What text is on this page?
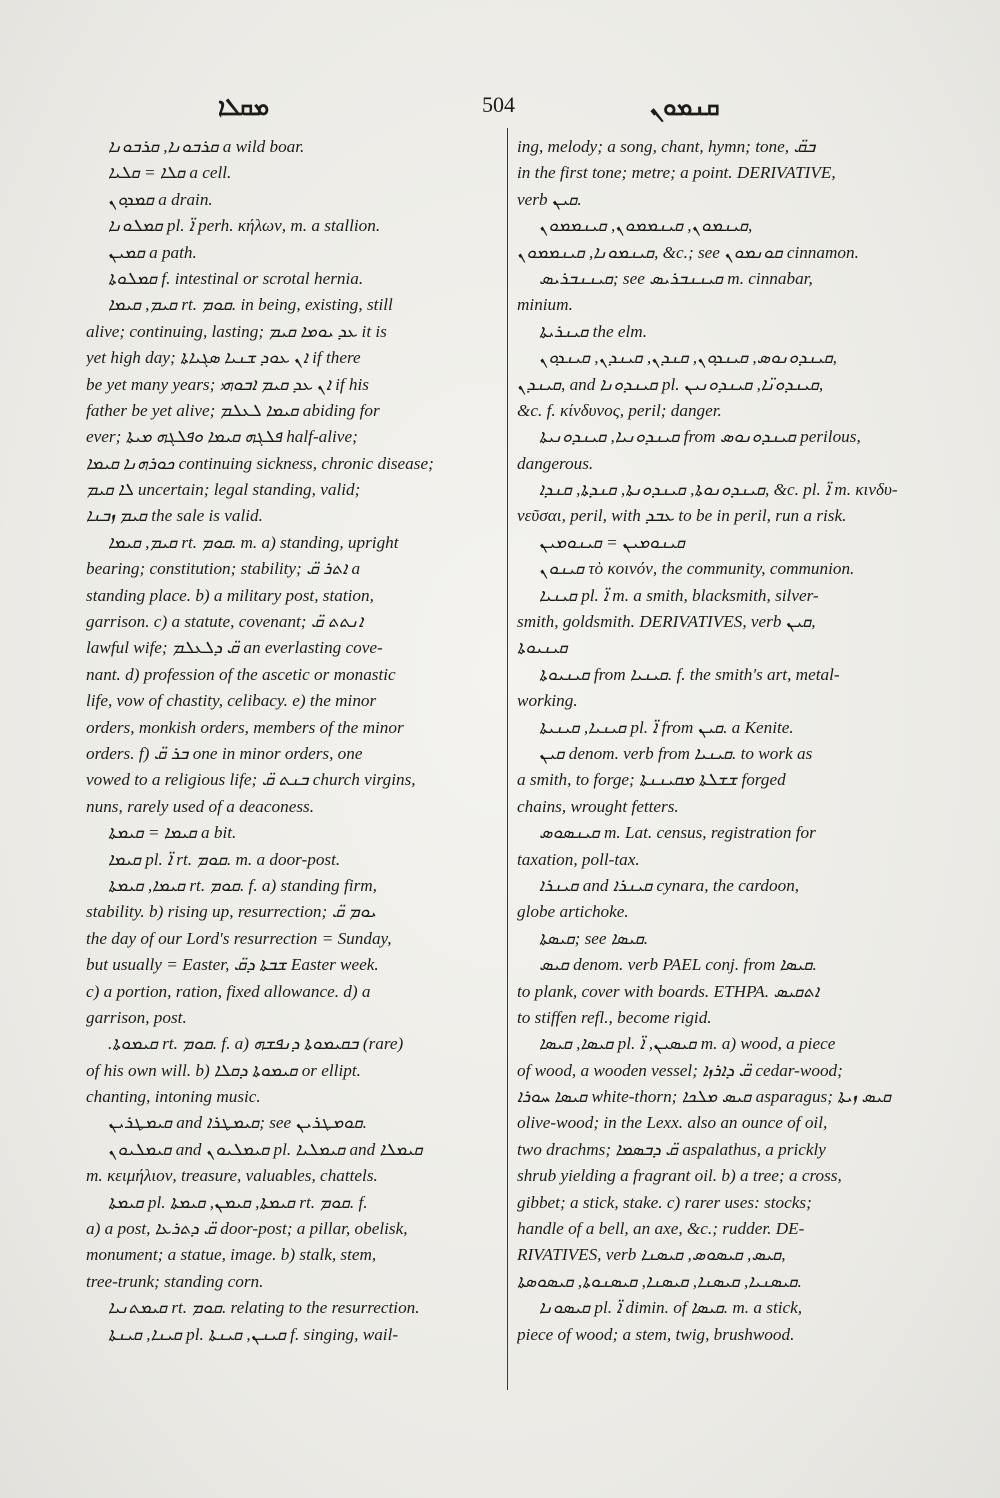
ܡܩܠܐ	504	ܩܢܡܘܢ
ܩܪܒܘܢܐ, ܩܪܒܘܢܐ a wild boar.
ܩܠܐ = ܩܠܝܐ a cell.
ܩܡܕܘܢ a drain.
ܩܡܠܘܢܐ pl. ܐ̈ perh. κήλων, m. a stallion.
ܩܡܝܢ a path.
ܩܡܠܘܬܐ f. intestinal or scrotal hernia.
ܩܝܡ, ܩܝܡܐ rt. ܩܘܡ. in being, existing, still
alive; continuing, lasting; ܥܕ ܝܘܡܐ ܩܝܡ it is
yet high day; ܐܢ ܥܘܕ ܫܢܝܐ ܣܓܝܐܬܐ if there
be yet many years; ܐܢ ܥܕ ܩܝܡ ܐܒܘܗܝ if his
father be yet alive; ܩܝܡܐ ܠܥܠܡ abiding for
ever; ܦܠܓܗ ܩܝܡܐ ܘܦܠܓܗ ܡܝܬܐ half-alive;
ܟܘܪܗܢܐ ܩܝܡܐ continuing sickness, chronic disease;
ܠܐ ܩܝܡ uncertain; legal standing, valid;
ܩܝܡ ܙܒܢܐ the sale is valid.
ܩܝܡ, ܩܝܡܐ rt. ܩܘܡ. m. a) standing, upright
bearing; constitution; stability; ܐܬܪ ܩ̈ a
standing place. b) a military post, station,
garrison. c) a statute, covenant; ܐܢܬܬ ܩ̈
lawful wife; ܩ̈ ܕܠܥܠܡ an everlasting cove-
nant. d) profession of the ascetic or monastic
life, vow of chastity, celibacy. e) the minor
orders, monkish orders, members of the minor
orders. f) ܒܪ ܩ̈ one in minor orders, one
vowed to a religious life; ܒܢܬ ܩ̈ church virgins,
nuns, rarely used of a deaconess.
ܩܝܡܐ = ܩܝܡܬܐ a bit.
ܩܝܡܐ pl. ܐ̈ rt. ܩܘܡ. m. a door-post.
ܩܝܡܐ, ܩܝܡܬܐ rt. ܩܘܡ. f. a) standing firm,
stability. b) rising up, resurrection; ܝܘܡ ܩ̈
the day of our Lord's resurrection = Sunday,
but usually = Easter, ܫܒܬܐ ܕܩ̈ Easter week.
c) a portion, ration, fixed allowance. d) a
garrison, post.
.ܩܝܡܘܬܐ rt. ܩܘܡ. f. a) ܒܩܝܡܘܬܐ ܕܢܦܫܗ (rare)
of his own will. b) ܩܝܡܘܬܐ ܕܩܠܐ or ellipt.
chanting, intoning music.
ܩܝܡܛܪܝܢ and ܩܝܡܛܪܐ; see ܩܘܡܛܪܝܢ.
ܩܝܡܠܝܘܢ and ܩܝܡܠܝܘܢ pl. ܩܝܡܠܝܐ and ܩܝܡܠܐ
m. κειμήλιον, treasure, valuables, chattels.
ܩܝܡܬܐ pl. ܩܝܡܬܐ, ܩܝܡܢ, ܩܝܡܬܐ rt. ܩܘܡ. f.
a) a post, ܩ̈ ܕܬܪܥܐ door-post; a pillar, obelisk,
monument; a statue, image. b) stalk, stem,
tree-trunk; standing corn.
ܩܝܡܬܢܝܐ rt. ܩܘܡ. relating to the resurrection.
ܩܝܢܐ, ܩܝܢܬܐ pl. ܩܝܢܢ, ܩܝܢܬܐ f. singing, wail-
ing, melody; a song, chant, hymn; tone, ܒܩ̈
in the first tone; metre; a point. DERIVATIVE,
verb ܩܝܢ.
ܩܝܢܡܘܢ, ܩܝܢܡܡܘܢ, ܩܝܢܡܡܘܢ,
ܩܝܢܡܘܢܐ, ܩܝܢܡܡܘܢ, &c.; see ܩܘܢܡܘܢ cinnamon.
ܩܝܢܢܒܪܝܣ; see ܩܝܢܢܒܪܝܣ m. cinnabar,
minium.
ܩܝܢܪܝܬܐ the elm.
ܩܝܢܕܘܢܘܣ, ܩܝܢܕܘܢ, ܩܢܕܢ, ܩܝܢܕܢ, ܩܝܢܕܘܢ,
ܩܝܢܕܢ, and ܩܝܢܕܘܢܐ pl. ܩܝܢܕܘܢ̈ܐ, ܩܝܢܕܘܢܝܢ,
&c. f. κίνδυνος, peril; danger.
ܩܝܢܕܘܢܝܐ, ܩܝܢܕܘܢܝܬܐ from ܩܝܢܕܘܢܘܣ perilous,
dangerous.
ܩܝܢܕܘܢܘܬܐ, ܩܝܢܕܘܢܬܐ, ܩܢܕܬܐ, ܩܢܕܐ, &c. pl. ܐ̈ m. κινδυ-
νεῦσαι, peril, with ܥܒܕ to be in peril, run a risk.
ܩܝܢܘܡܝܢ = ܩܝܢܘܡܝܢ
ܩܝܢܘܢ τὸ κοινόν, the community, communion.
ܩܝܢܝܐ pl. ܐ̈ m. a smith, blacksmith, silver-
smith, goldsmith. DERIVATIVES, verb ܩܝܢ,
ܩܝܢܝܘܬܐ
ܩܝܢܝܘܬܐ from ܩܝܢܝܐ. f. the smith's art, metal-
working.
ܩܝܢܝܐ, ܩܝܢܝܬܐ pl. ܐ̈ from ܩܝܢ. a Kenite.
ܩܝܢ denom. verb from ܩܝܢܝܐ. to work as
a smith, to forge; ܫܫܠܬܐ ܡܩܝܢܢܬܐ forged
chains, wrought fetters.
ܩܝܢܣܘܣ m. Lat. census, registration for
taxation, poll-tax.
ܩܝܢܪܐ and ܩܝܢܪܐ cynara, the cardoon,
globe artichoke.
ܩܝܣܬܐ; see ܩܝܣܐ.
ܩܝܣ denom. verb PAEL conj. from ܩܝܣܐ.
to plank, cover with boards. ETHPA. ܐܬܩܝܣ
to stiffen refl., become rigid.
ܩܝܣܐ, ܩܝܣܐ pl. ܩܝܣܝܢ, ܐ̈ m. a) wood, a piece
of wood, a wooden vessel; ܩ̈ ܕܐܪܙܐ cedar-wood;
ܩܝܣܐ ܚܘܪܐ white-thorn; ܩܝܣ ܡܠܟܐ asparagus; ܩܝܣ ܙܝܬܐ
olive-wood; in the Lexx. also an ounce of oil,
two drachms; ܩ̈ ܕܒܣܡܐ aspalathus, a prickly
shrub yielding a fragrant oil. b) a tree; a cross,
gibbet; a stick, stake. c) rarer uses: stocks;
handle of a bell, an axe, &c.; rudder. DE-
RIVATIVES, verb ܩܝܣ, ܩܝܣܘܣ, ܩܝܣܢܐ,
ܩܝܣܢܝܐ, ܩܝܣܢܐ, ܩܝܣܢܐ, ܩܝܣܢܘܬܐ, ܩܝܣܘܣܬܐ.
ܩܝܣܘܢܐ pl. ܐ̈ dimin. of ܩܝܣܐ. m. a stick,
piece of wood; a stem, twig, brushwood.
